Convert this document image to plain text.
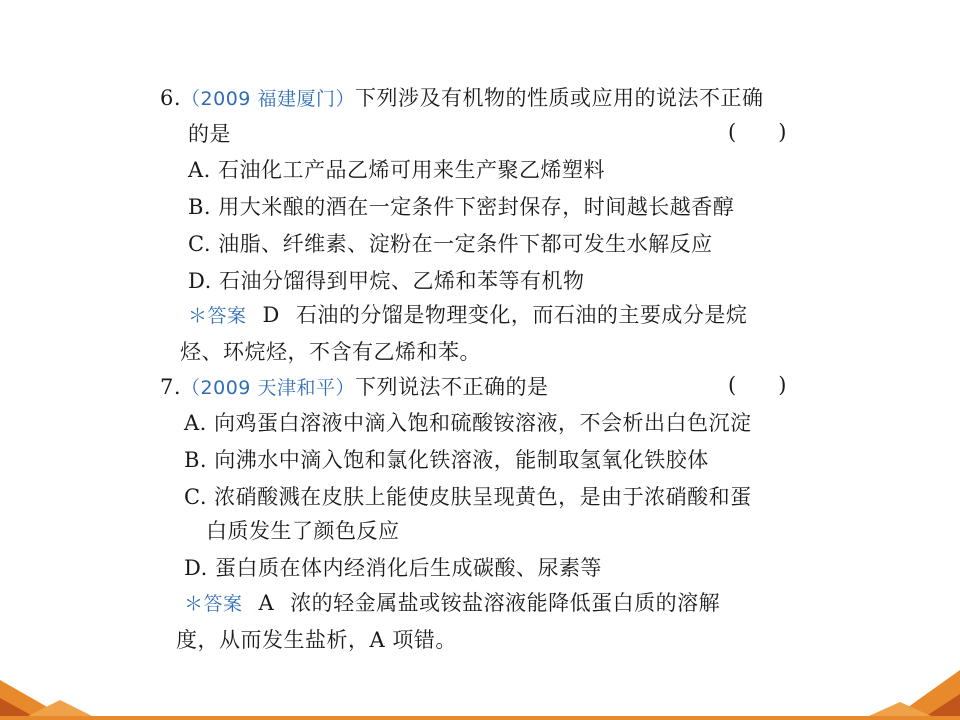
6.（2009 福建厦门）下列涉及有机物的性质或应用的说法不正确
的是	(　　)
A. 石油化工产品乙烯可用来生产聚乙烯塑料
B. 用大米酿的酒在一定条件下密封保存，时间越长越香醇
C. 油脂、纤维素、淀粉在一定条件下都可发生水解反应
D. 石油分馏得到甲烷、乙烯和苯等有机物
＊答案 D 石油的分馏是物理变化，而石油的主要成分是烷
烃、环烷烃，不含有乙烯和苯。
7.（2009 天津和平）下列说法不正确的是	(　　)
A. 向鸡蛋白溶液中滴入饱和硫酸铵溶液，不会析出白色沉淀
B. 向沸水中滴入饱和氯化铁溶液，能制取氢氧化铁胶体
C. 浓硝酸溅在皮肤上能使皮肤呈现黄色，是由于浓硝酸和蛋
白质发生了颜色反应
D. 蛋白质在体内经消化后生成碳酸、尿素等
＊答案 A 浓的轻金属盐或铵盐溶液能降低蛋白质的溶解
度，从而发生盐析，A 项错。
